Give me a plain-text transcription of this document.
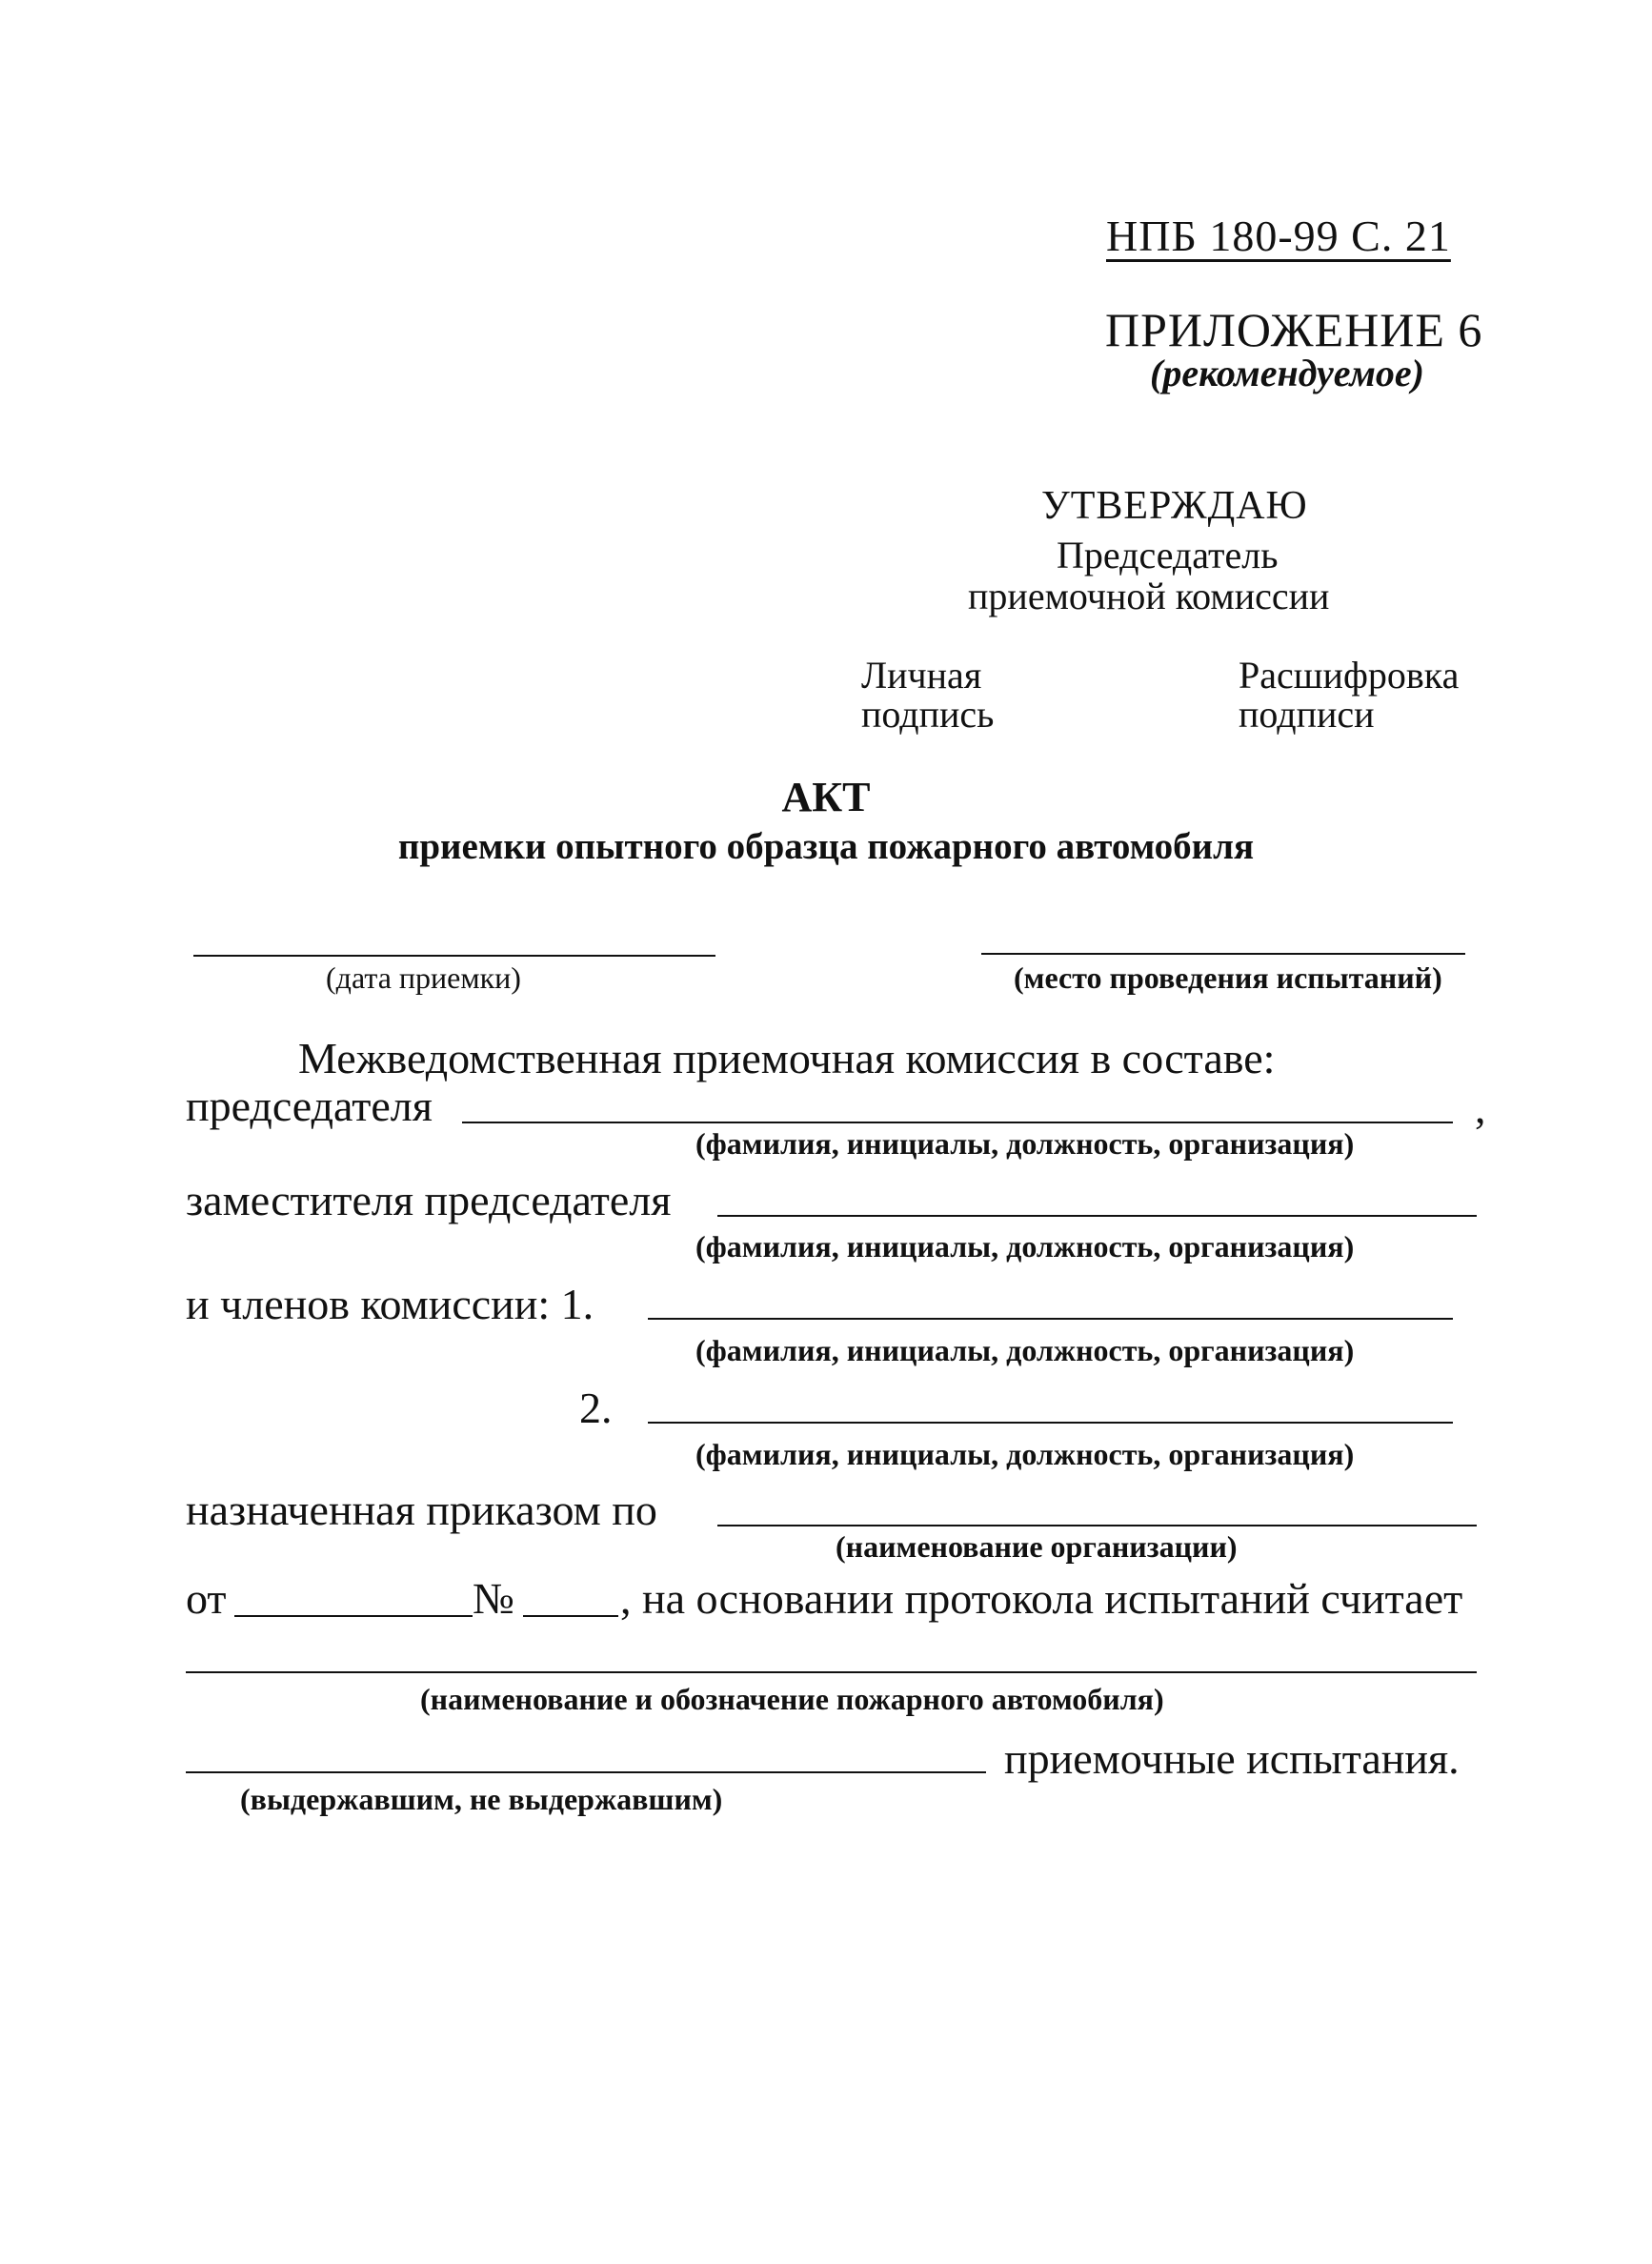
НПБ 180-99 С. 21
ПРИЛОЖЕНИЕ 6
(рекомендуемое)
УТВЕРЖДАЮ
Председатель
приемочной комиссии
Личная
подпись
Расшифровка
подписи
АКТ
приемки опытного образца пожарного автомобиля
(дата приемки)	(место проведения испытаний)
Межведомственная приемочная комиссия в составе:
председателя	,
(фамилия, инициалы, должность, организация)
заместителя председателя
(фамилия, инициалы, должность, организация)
и членов комиссии: 1.
(фамилия, инициалы, должность, организация)
2.
(фамилия, инициалы, должность, организация)
назначенная приказом по
(наименование организации)
от	№ , на основании протокола испытаний считает
(наименование и обозначение пожарного автомобиля)
приемочные испытания.
(выдержавшим, не выдержавшим)
